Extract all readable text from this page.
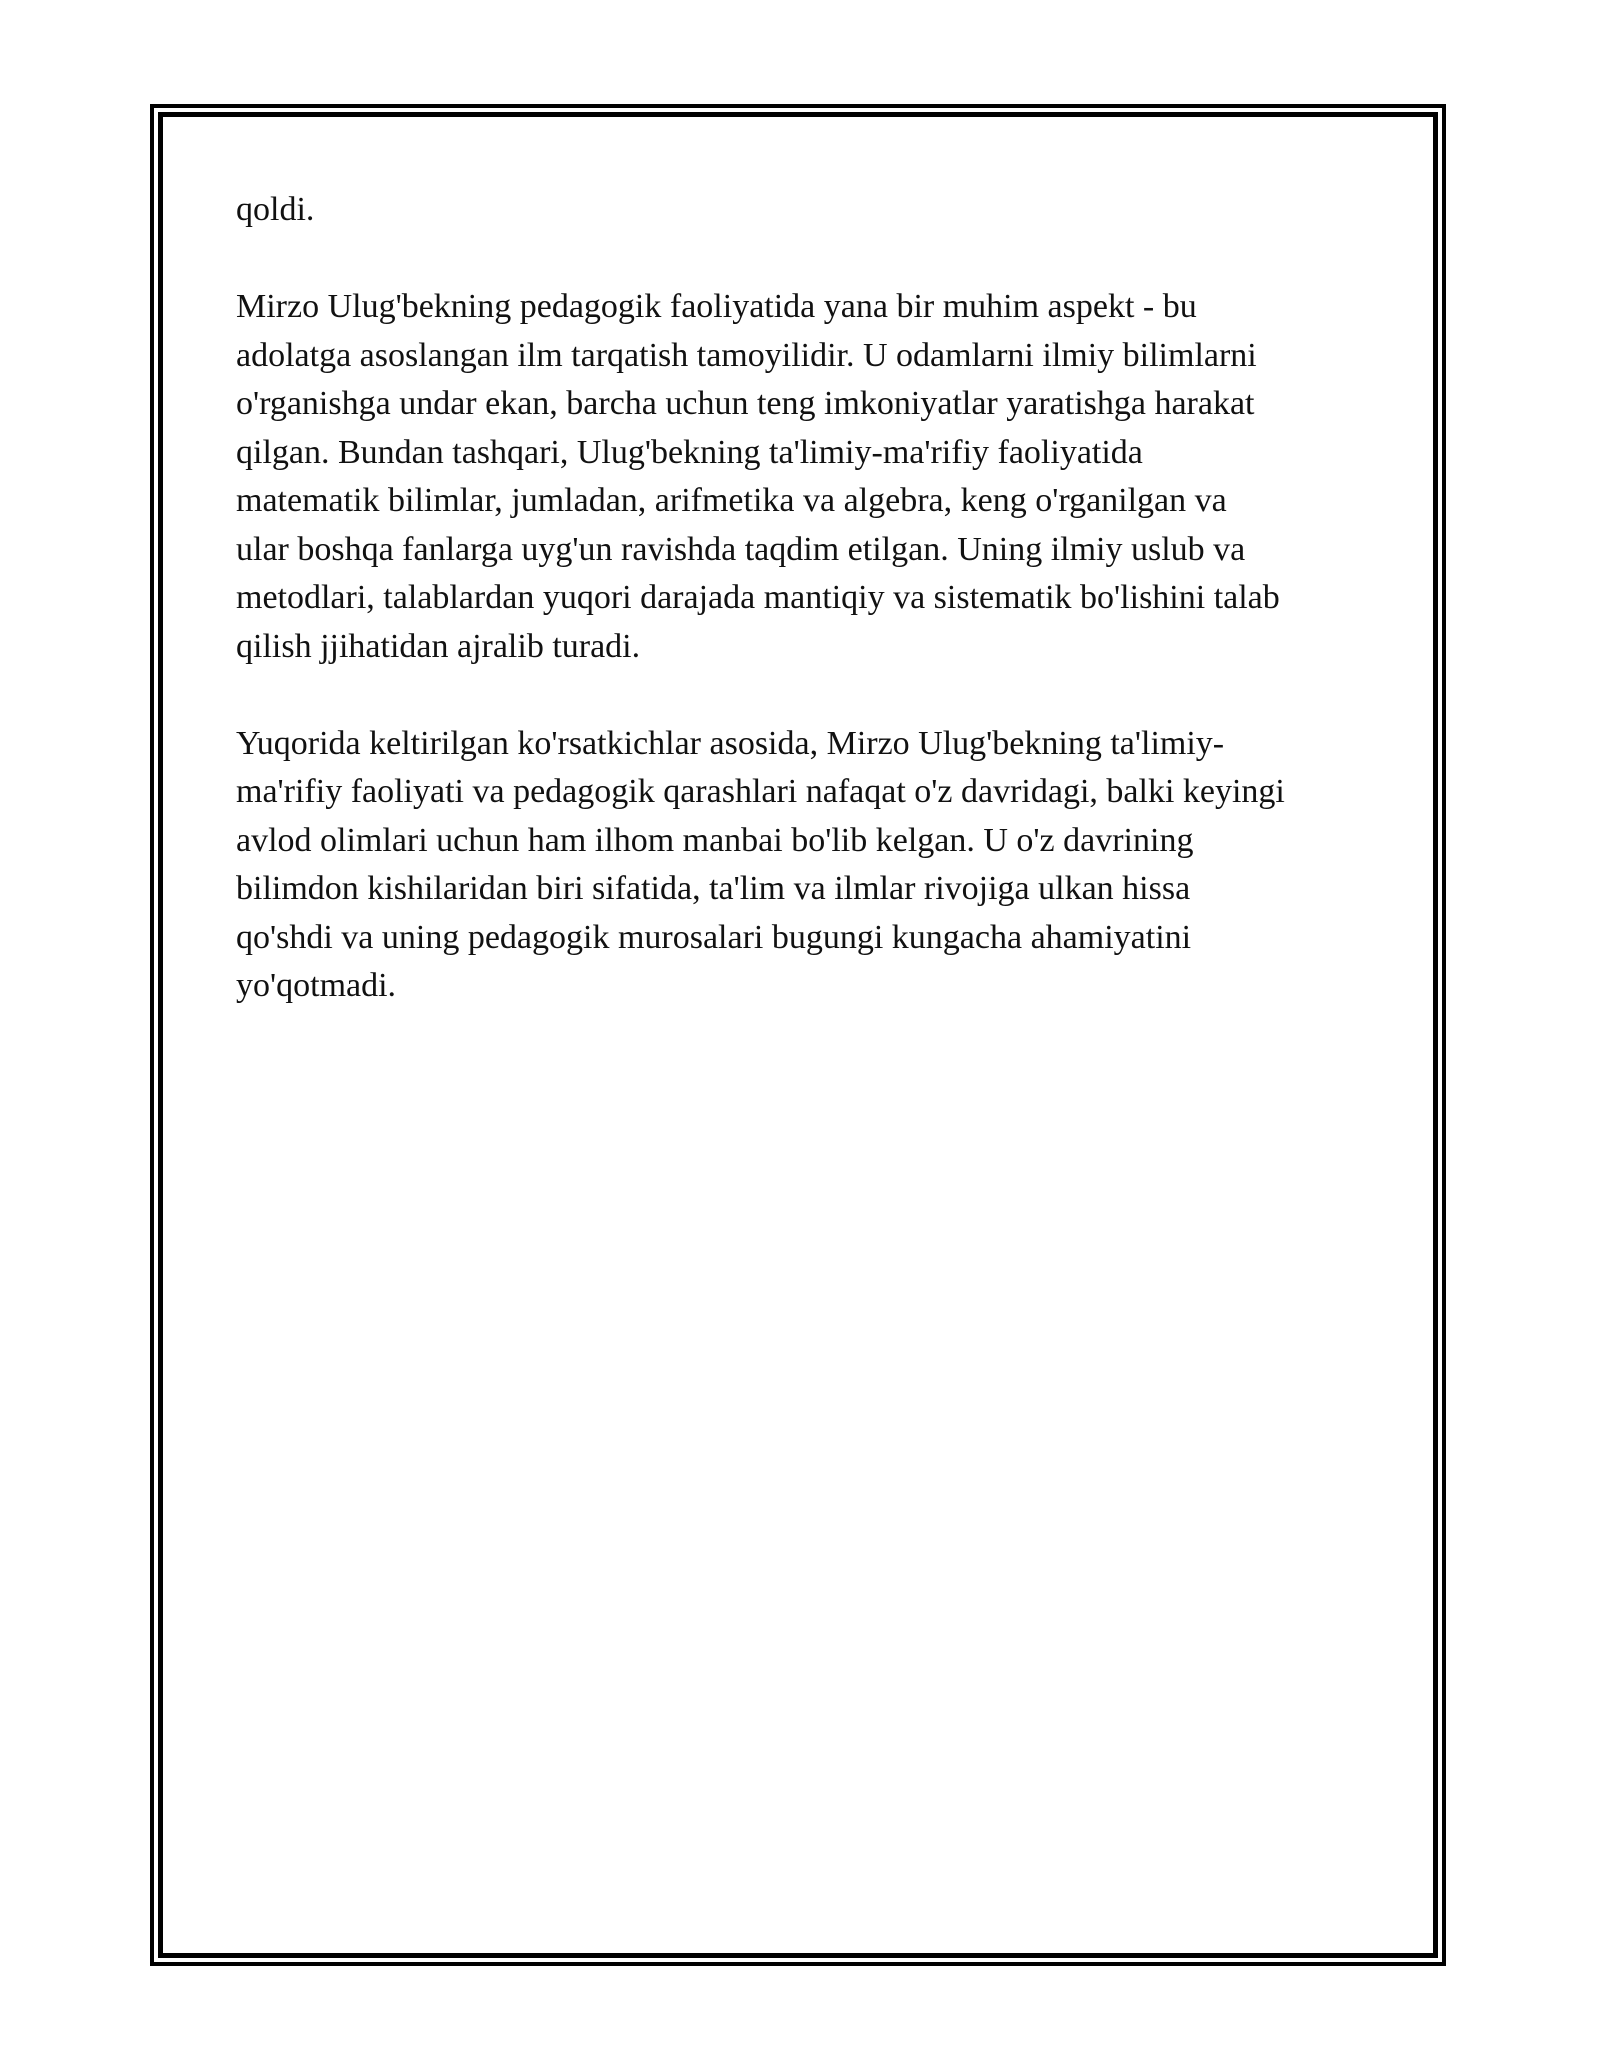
qoldi.

Mirzo Ulug'bekning pedagogik faoliyatida yana bir muhim aspekt - bu
adolatga asoslangan ilm tarqatish tamoyilidir. U odamlarni ilmiy bilimlarni
o'rganishga undar ekan, barcha uchun teng imkoniyatlar yaratishga harakat
qilgan. Bundan tashqari, Ulug'bekning ta'limiy-ma'rifiy faoliyatida
matematik bilimlar, jumladan, arifmetika va algebra, keng o'rganilgan va
ular boshqa fanlarga uyg'un ravishda taqdim etilgan. Uning ilmiy uslub va
metodlari, talablardan yuqori darajada mantiqiy va sistematik bo'lishini talab
qilish jjihatidan ajralib turadi.

Yuqorida keltirilgan ko'rsatkichlar asosida, Mirzo Ulug'bekning ta'limiy-
ma'rifiy faoliyati va pedagogik qarashlari nafaqat o'z davridagi, balki keyingi
avlod olimlari uchun ham ilhom manbai bo'lib kelgan. U o'z davrining
bilimdon kishilaridan biri sifatida, ta'lim va ilmlar rivojiga ulkan hissa
qo'shdi va uning pedagogik murosalari bugungi kungacha ahamiyatini
yo'qotmadi.
